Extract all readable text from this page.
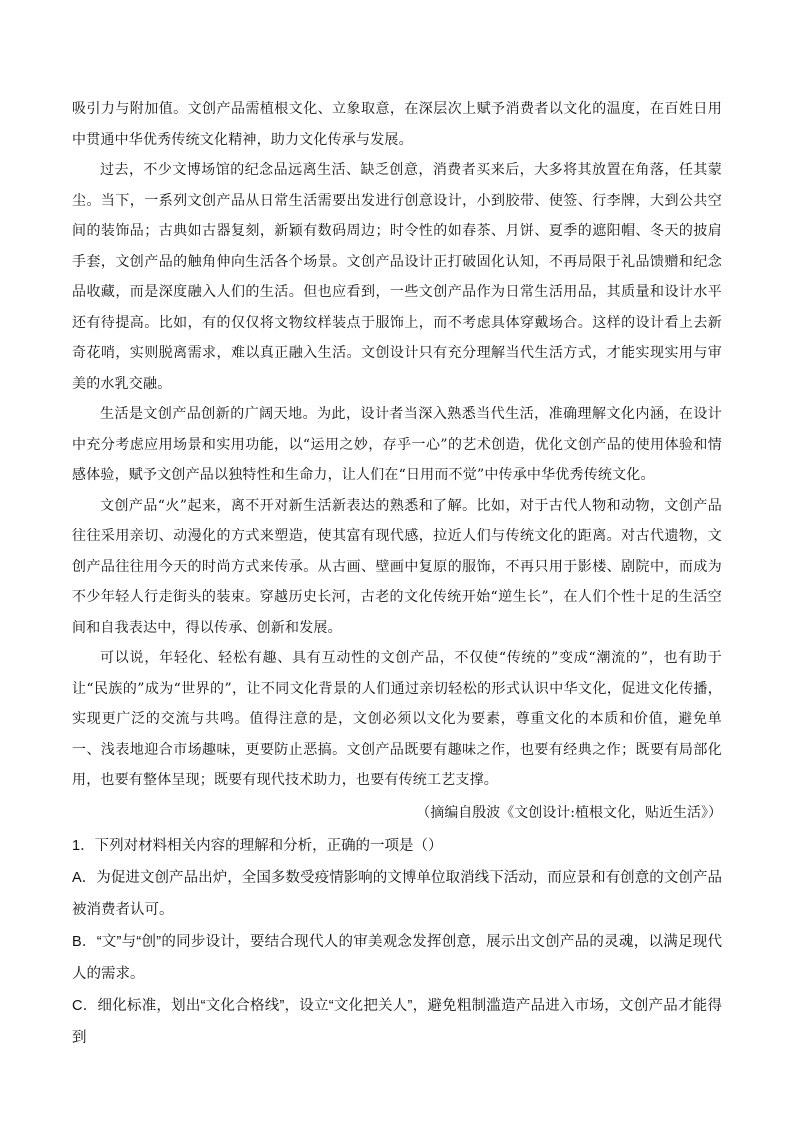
吸引力与附加值。文创产品需植根文化、立象取意，在深层次上赋予消费者以文化的温度，在百姓日用中贯通中华优秀传统文化精神，助力文化传承与发展。

过去，不少文博场馆的纪念品远离生活、缺乏创意，消费者买来后，大多将其放置在角落，任其蒙尘。当下，一系列文创产品从日常生活需要出发进行创意设计，小到胶带、使签、行李牌，大到公共空间的装饰品；古典如古器复刻，新颖有数码周边；时令性的如春茶、月饼、夏季的遮阳帽、冬天的披肩手套，文创产品的触角伸向生活各个场景。文创产品设计正打破固化认知，不再局限于礼品馈赠和纪念品收藏，而是深度融入人们的生活。但也应看到，一些文创产品作为日常生活用品，其质量和设计水平还有待提高。比如，有的仅仅将文物纹样装点于服饰上，而不考虑具体穿戴场合。这样的设计看上去新奇花哨，实则脱离需求，难以真正融入生活。文创设计只有充分理解当代生活方式，才能实现实用与审美的水乳交融。

生活是文创产品创新的广阔天地。为此，设计者当深入熟悉当代生活，准确理解文化内涵，在设计中充分考虑应用场景和实用功能，以“运用之妙，存乎一心”的艺术创造，优化文创产品的使用体验和情感体验，赋予文创产品以独特性和生命力，让人们在“日用而不觉”中传承中华优秀传统文化。

文创产品“火”起来，离不开对新生活新表达的熟悉和了解。比如，对于古代人物和动物，文创产品往往采用亲切、动漫化的方式来塑造，使其富有现代感，拉近人们与传统文化的距离。对古代遗物，文创产品往往用今天的时尚方式来传承。从古画、壁画中复原的服饰，不再只用于影楼、剧院中，而成为不少年轻人行走街头的装束。穿越历史长河，古老的文化传统开始“逆生长”，在人们个性十足的生活空间和自我表达中，得以传承、创新和发展。

可以说，年轻化、轻松有趣、具有互动性的文创产品，不仅使“传统的”变成“潮流的”，也有助于让“民族的”成为“世界的”，让不同文化背景的人们通过亲切轻松的形式认识中华文化，促进文化传播，实现更广泛的交流与共鸣。值得注意的是，文创必须以文化为要素，尊重文化的本质和价值，避免单一、浅表地迎合市场趣味，更要防止恶搞。文创产品既要有趣味之作，也要有经典之作；既要有局部化用，也要有整体呈现；既要有现代技术助力，也要有传统工艺支撑。

（摘编自殷波《文创设计:植根文化，贴近生活》）

1．下列对材料相关内容的理解和分析，正确的一项是（）

A．为促进文创产品出炉，全国多数受疫情影响的文博单位取消线下活动，而应景和有创意的文创产品被消费者认可。

B．“文”与“创”的同步设计，要结合现代人的审美观念发挥创意，展示出文创产品的灵魂，以满足现代人的需求。

C．细化标准，划出“文化合格线”，设立“文化把关人”，避免粗制滥造产品进入市场，文创产品才能得到
